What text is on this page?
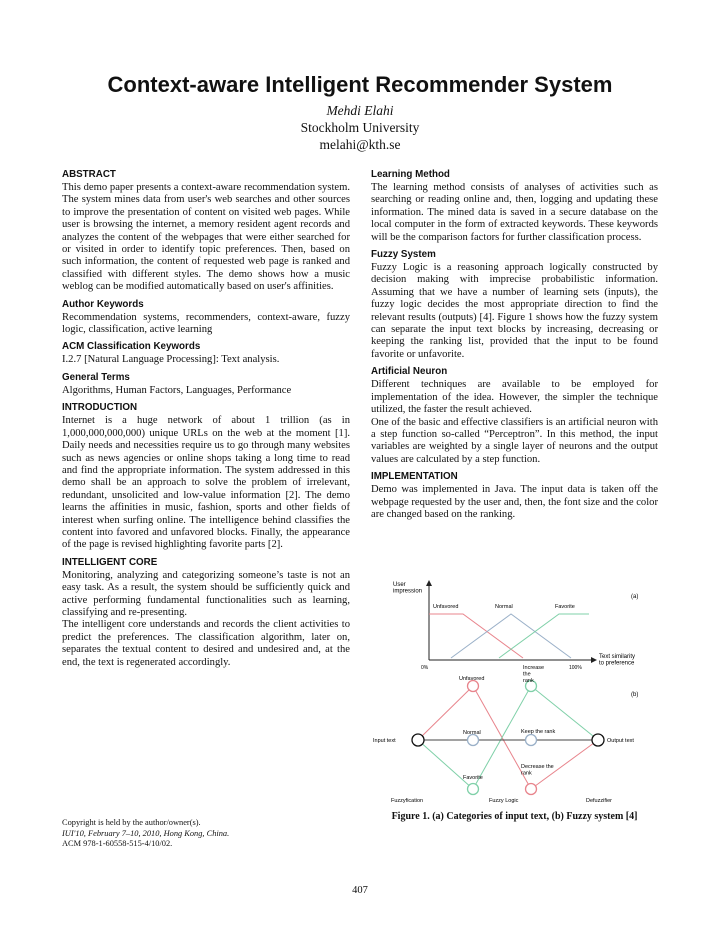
Context-aware Intelligent Recommender System
Mehdi Elahi
Stockholm University
melahi@kth.se
ABSTRACT

This demo paper presents a context-aware recommendation system. The system mines data from user's web searches and other sources to improve the presentation of content on visited web pages. While user is browsing the internet, a memory resident agent records and analyzes the content of the webpages that were either searched for or visited in order to identify topic preferences. Then, based on such information, the content of requested web page is ranked and classified with different styles. The demo shows how a music weblog can be modified automatically based on user's affinities.

Author Keywords

Recommendation systems, recommenders, context-aware, fuzzy logic, classification, active learning

ACM Classification Keywords

I.2.7 [Natural Language Processing]: Text analysis.

General Terms

Algorithms, Human Factors, Languages, Performance

INTRODUCTION

Internet is a huge network of about 1 trillion (as in 1,000,000,000,000) unique URLs on the web at the moment [1]. Daily needs and necessities require us to go through many websites such as news agencies or online shops taking a long time to read and find the appropriate information. The system addressed in this demo shall be an approach to solve the problem of irrelevant, redundant, unsolicited and low-value information [2]. The demo learns the affinities in music, fashion, sports and other fields of interest when surfing online. The intelligence behind classifies the content into favored and unfavored blocks. Finally, the appearance of the page is revised highlighting favorite parts [2].

INTELLIGENT CORE

Monitoring, analyzing and categorizing someone’s taste is not an easy task. As a result, the system should be sufficiently quick and active performing fundamental functionalities such as learning, classifying and re-presenting.

The intelligent core understands and records the client activities to predict the preferences. The classification algorithm, later on, separates the textual content to desired and undesired and, at the end, the text is regenerated accordingly.

Learning Method

The learning method consists of analyses of activities such as searching or reading online and, then, logging and updating these information. The mined data is saved in a secure database on the local computer in the form of extracted keywords. These keywords will be the comparison factors for further classification process.

Fuzzy System

Fuzzy Logic is a reasoning approach logically constructed by decision making with imprecise probabilistic information. Assuming that we have a number of learning sets (inputs), the fuzzy logic decides the most appropriate direction to find the relevant results (outputs) [4]. Figure 1 shows how the fuzzy system can separate the input text blocks by increasing, decreasing or keeping the ranking list, provided that the input to be found favorite or unfavorite.

Artificial Neuron

Different techniques are available to be employed for implementation of the idea. However, the simpler the technique utilized, the faster the result achieved.

One of the basic and effective classifiers is an artificial neuron with a step function so-called “Perceptron”. In this method, the input variables are weighted by a single layer of neurons and the output values are calculated by a step function.

IMPLEMENTATION

Demo was implemented in Java. The input data is taken off the webpage requested by the user and, then, the font size and the color are changed based on the ranking.

User impression
(a)
Unfavored	Normal	Favorite
0%	100%
Text similarity to preference
(b)
Input text	Output text
Unfavored
Normal
Favorite
Increase the rank
Keep the rank
Decrease the rank
Fuzzyfication	Fuzzy Logic	Defuzzifier
Figure 1. (a) Categories of input text, (b) Fuzzy system [4]
Copyright is held by the author/owner(s).
IUI'10, February 7–10, 2010, Hong Kong, China.
ACM 978-1-60558-515-4/10/02.
407
